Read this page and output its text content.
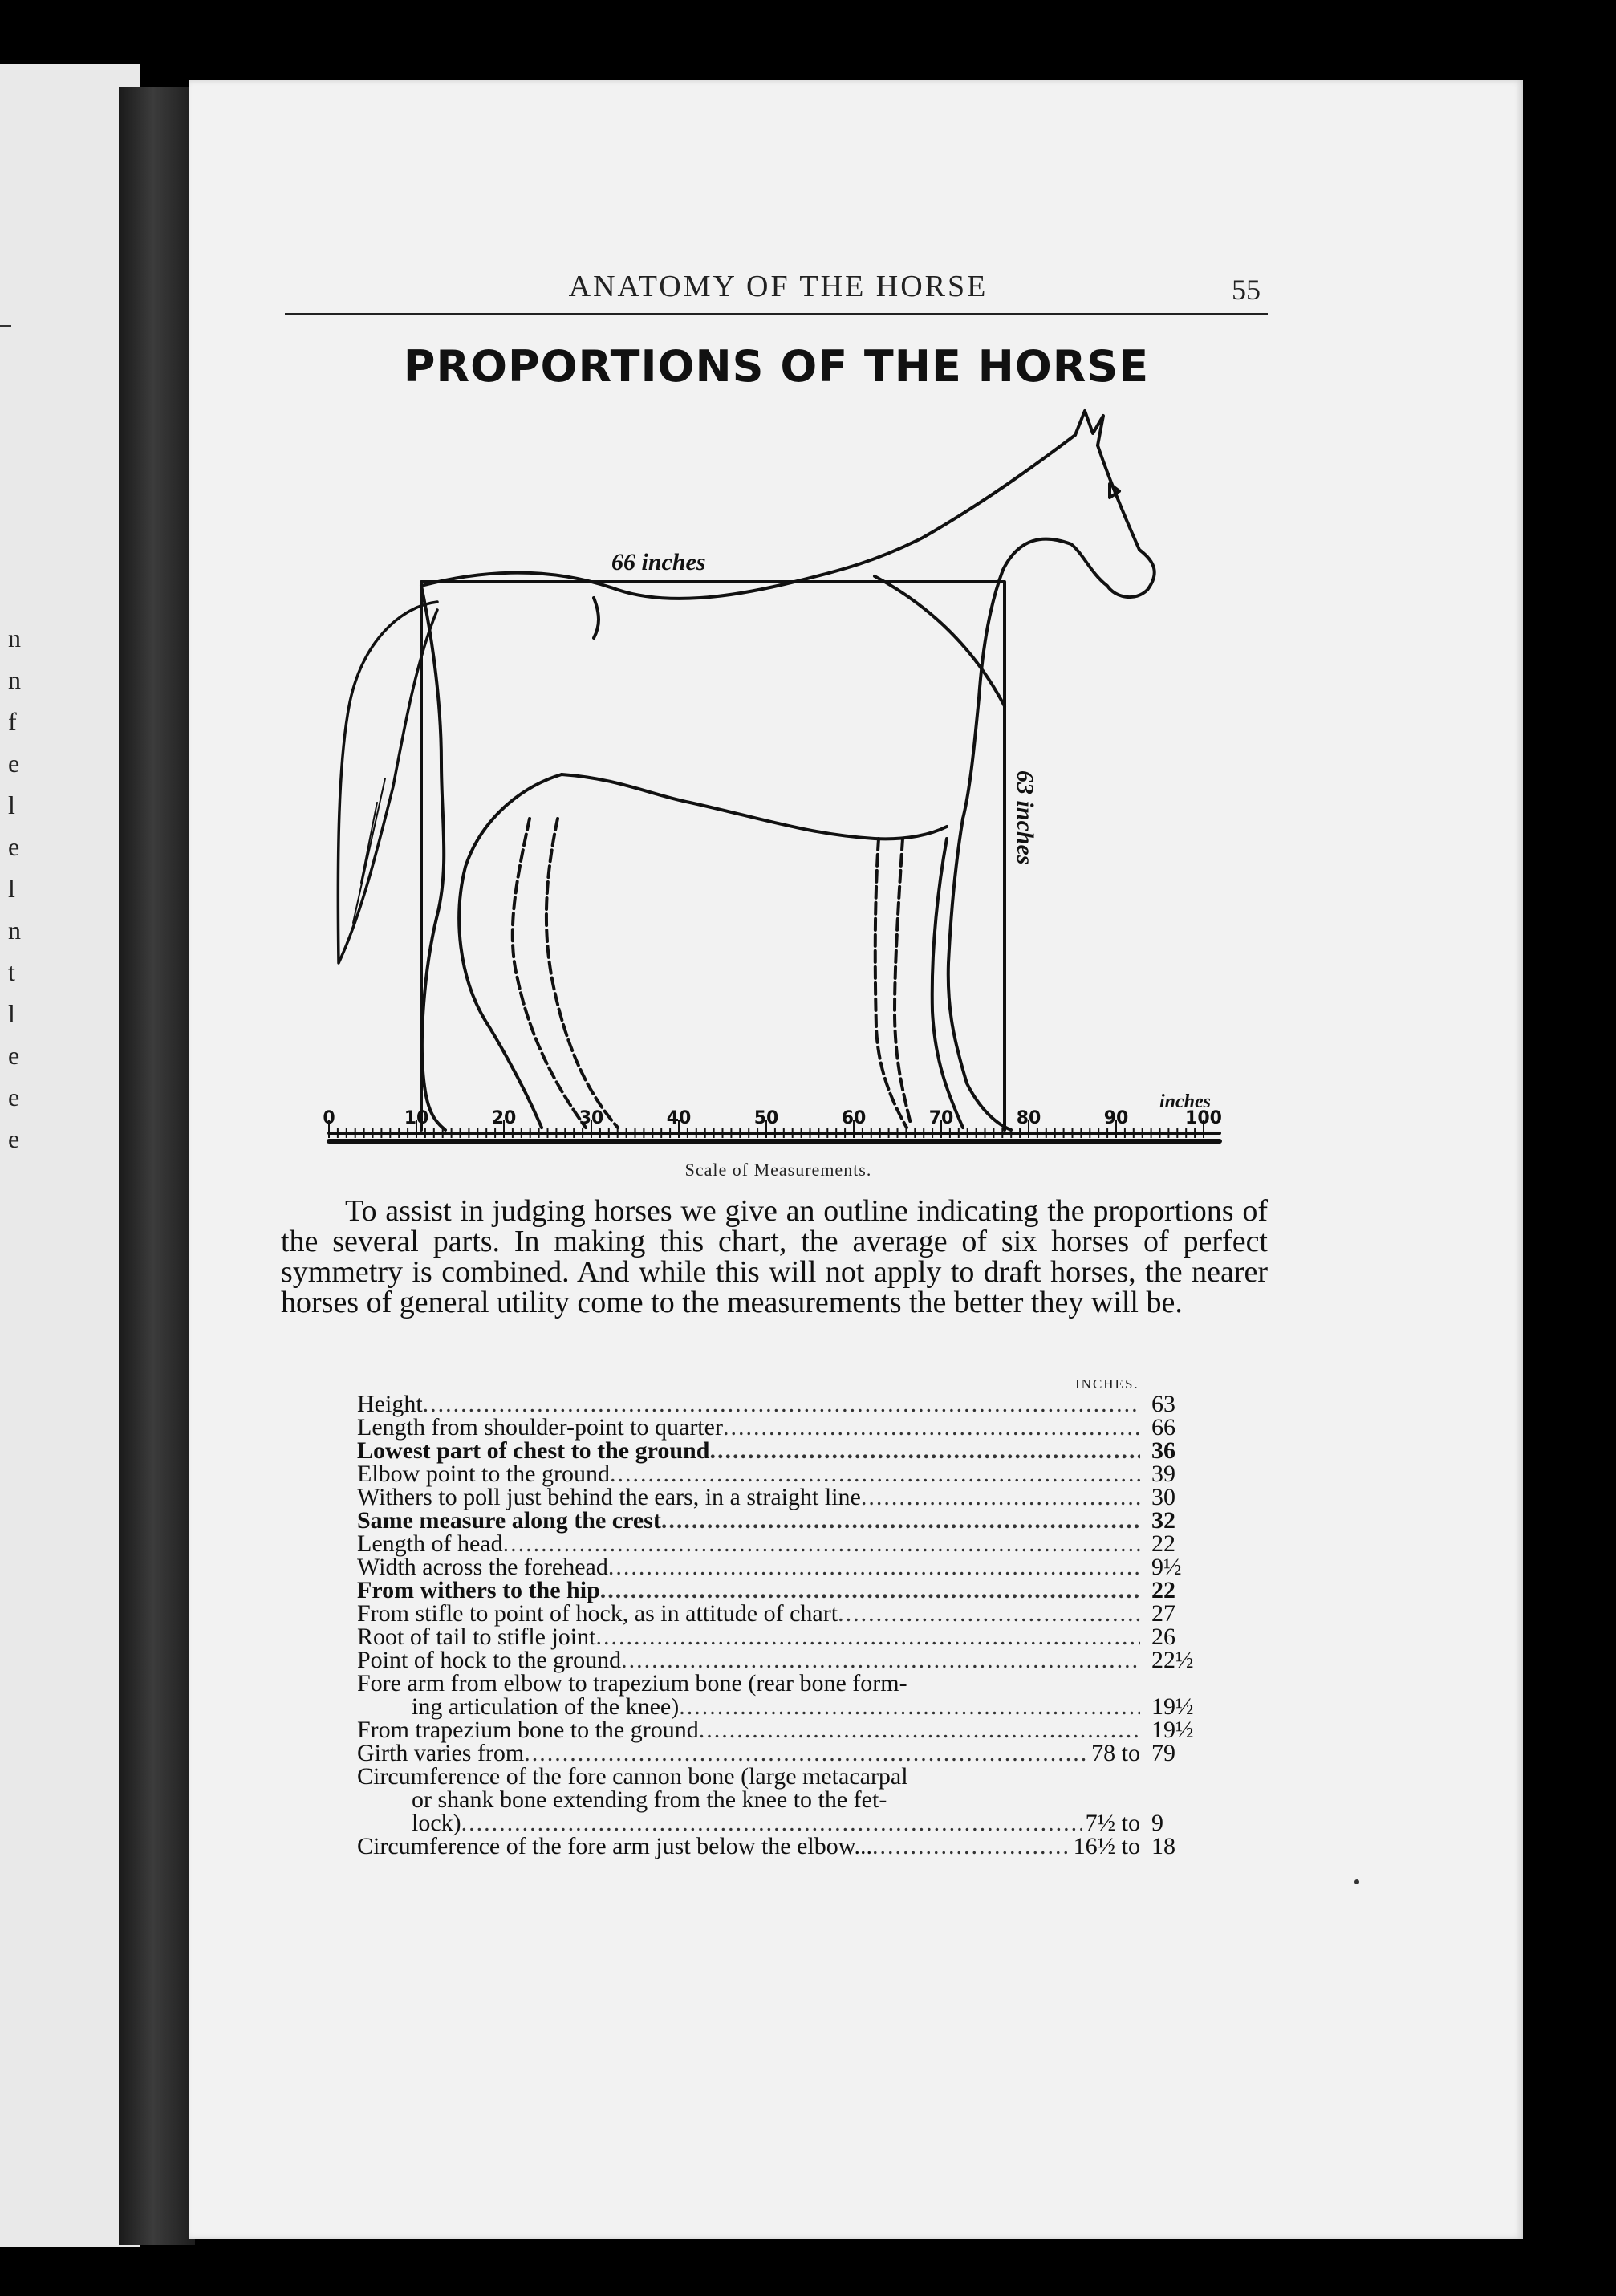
n
n
f
e
l
e
l
n
t
l
e
e
e
ANATOMY OF THE HORSE	55
PROPORTIONS OF THE HORSE
66 inches
63 inches
inches
0	10	20	30	40	50	60	70	80	90	100
Scale of Measurements.

To assist in judging horses we give an outline indicating the proportions of the several parts. In making this chart, the average of six horses of perfect symmetry is combined. And while this will not apply to draft horses, the nearer horses of general utility come to the measurements the better they will be.

INCHES.
Height .....	63
Length from shoulder-point to quarter .....	66
Lowest part of chest to the ground .....	36
Elbow point to the ground .....	39
Withers to poll just behind the ears, in a straight line .....	30
Same measure along the crest .....	32
Length of head .....	22
Width across the forehead .....	9½
From withers to the hip .....	22
From stifle to point of hock, as in attitude of chart .....	27
Root of tail to stifle joint .....	26
Point of hock to the ground .....	22½
Fore arm from elbow to trapezium bone (rear bone form-
ing articulation of the knee) .....	19½
From trapezium bone to the ground .....	19½
Girth varies from .....	78 to 79
Circumference of the fore cannon bone (large metacarpal
or shank bone extending from the knee to the fet-
lock) .....	7½ to 9
Circumference of the fore arm just below the elbow... .....	16½ to 18
